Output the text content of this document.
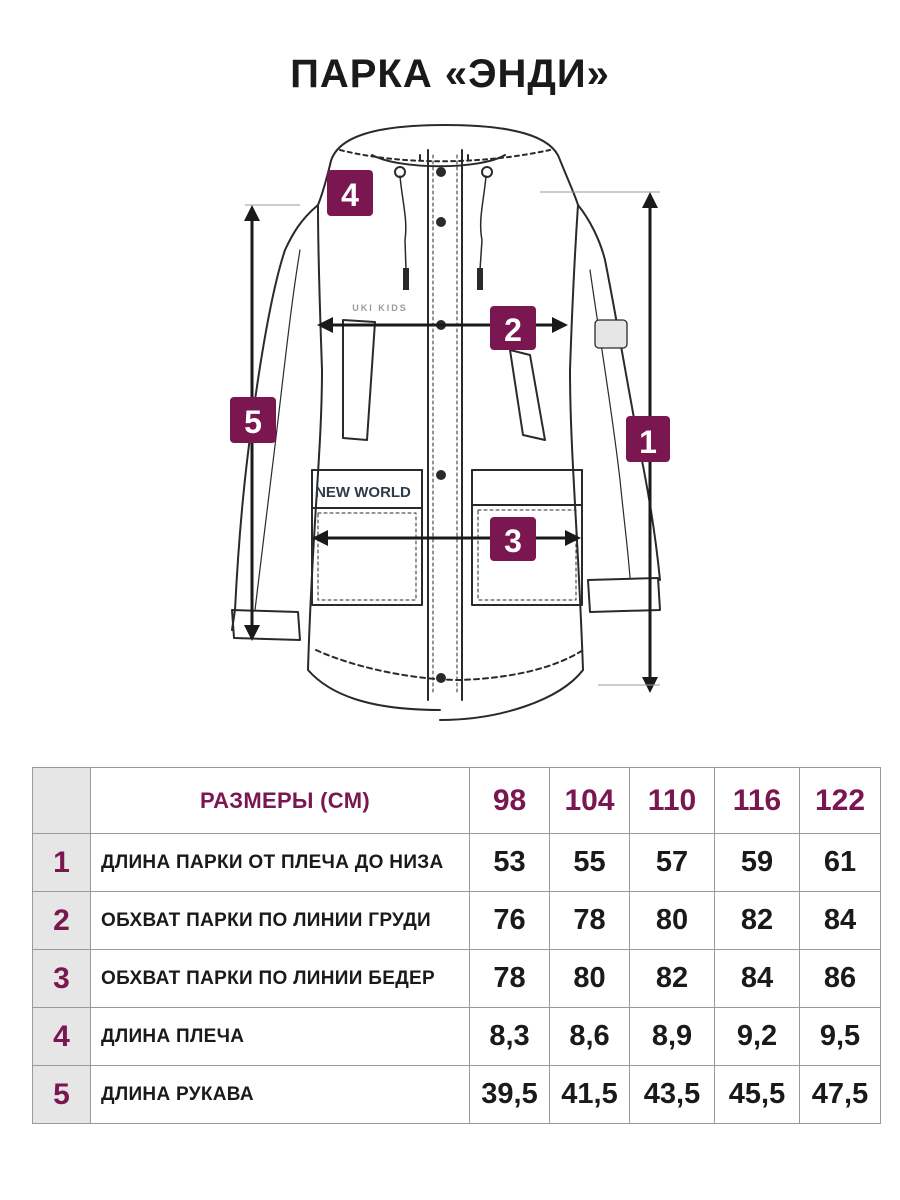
ПАРКА «ЭНДИ»
UKI KIDS
NEW WORLD
1
2
3
4
5
	РАЗМЕРЫ (СМ)	98	104	110	116	122
1	ДЛИНА ПАРКИ ОТ ПЛЕЧА ДО НИЗА	53	55	57	59	61
2	ОБХВАТ ПАРКИ ПО ЛИНИИ ГРУДИ	76	78	80	82	84
3	ОБХВАТ ПАРКИ ПО ЛИНИИ БЕДЕР	78	80	82	84	86
4	ДЛИНА ПЛЕЧА	8,3	8,6	8,9	9,2	9,5
5	ДЛИНА РУКАВА	39,5	41,5	43,5	45,5	47,5
